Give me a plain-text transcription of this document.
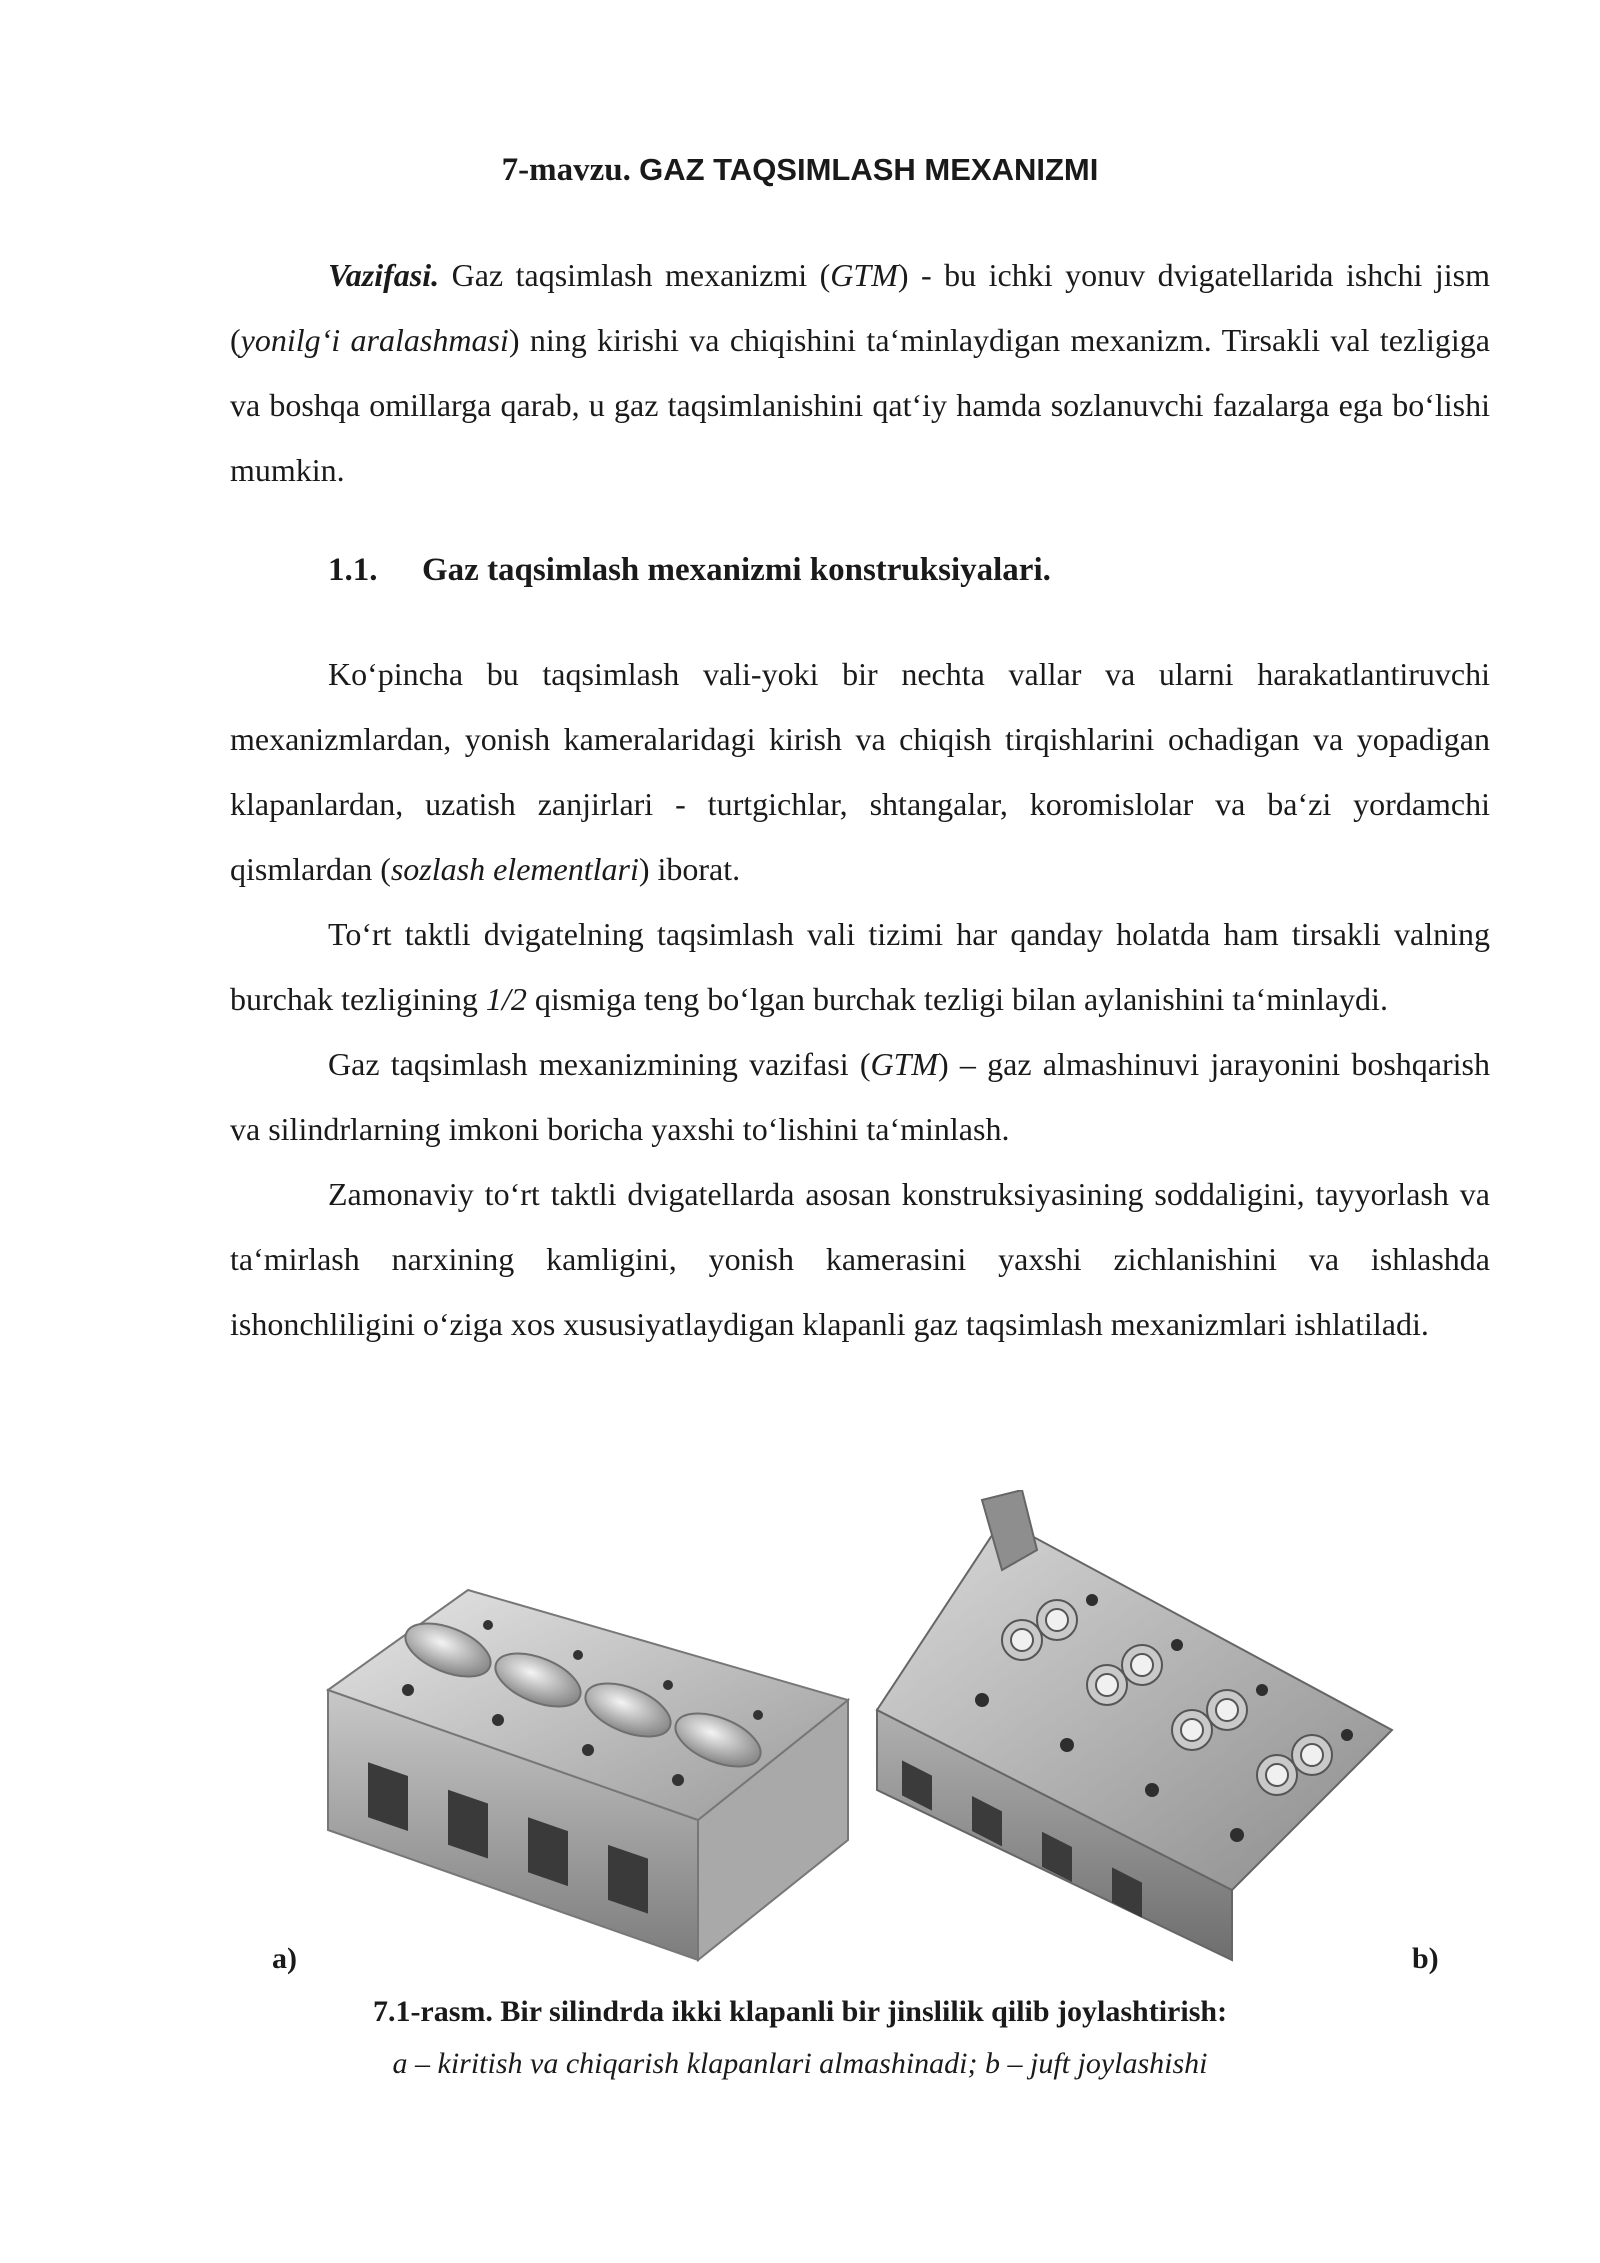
7-mavzu. GAZ TAQSIMLASH MEXANIZMI

Vazifasi. Gaz taqsimlash mexanizmi (GTM) - bu ichki yonuv dvigatellarida ishchi jism (yonilg‘i aralashmasi) ning kirishi va chiqishini ta‘minlaydigan mexanizm. Tirsakli val tezligiga va boshqa omillarga qarab, u gaz taqsimlanishini qat‘iy hamda sozlanuvchi fazalarga ega bo‘lishi mumkin.

1.1. Gaz taqsimlash mexanizmi konstruksiyalari.

Ko‘pincha bu taqsimlash vali-yoki bir nechta vallar va ularni harakatlantiruvchi mexanizmlardan, yonish kameralaridagi kirish va chiqish tirqishlarini ochadigan va yopadigan klapanlardan, uzatish zanjirlari - turtgichlar, shtangalar, koromislolar va ba‘zi yordamchi qismlardan (sozlash elementlari) iborat.

To‘rt taktli dvigatelning taqsimlash vali tizimi har qanday holatda ham tirsakli valning burchak tezligining 1/2 qismiga teng bo‘lgan burchak tezligi bilan aylanishini ta‘minlaydi.

Gaz taqsimlash mexanizmining vazifasi (GTM) – gaz almashinuvi jarayonini boshqarish va silindrlarning imkoni boricha yaxshi to‘lishini ta‘minlash.

Zamonaviy to‘rt taktli dvigatellarda asosan konstruksiyasining soddaligini, tayyorlash va ta‘mirlash narxining kamligini, yonish kamerasini yaxshi zichlanishini va ishlashda ishonchliligini o‘ziga xos xususiyatlaydigan klapanli gaz taqsimlash mexanizmlari ishlatiladi.

a)	b)
7.1-rasm. Bir silindrda ikki klapanli bir jinslilik qilib joylashtirish:
a – kiritish va chiqarish klapanlari almashinadi; b – juft joylashishi
